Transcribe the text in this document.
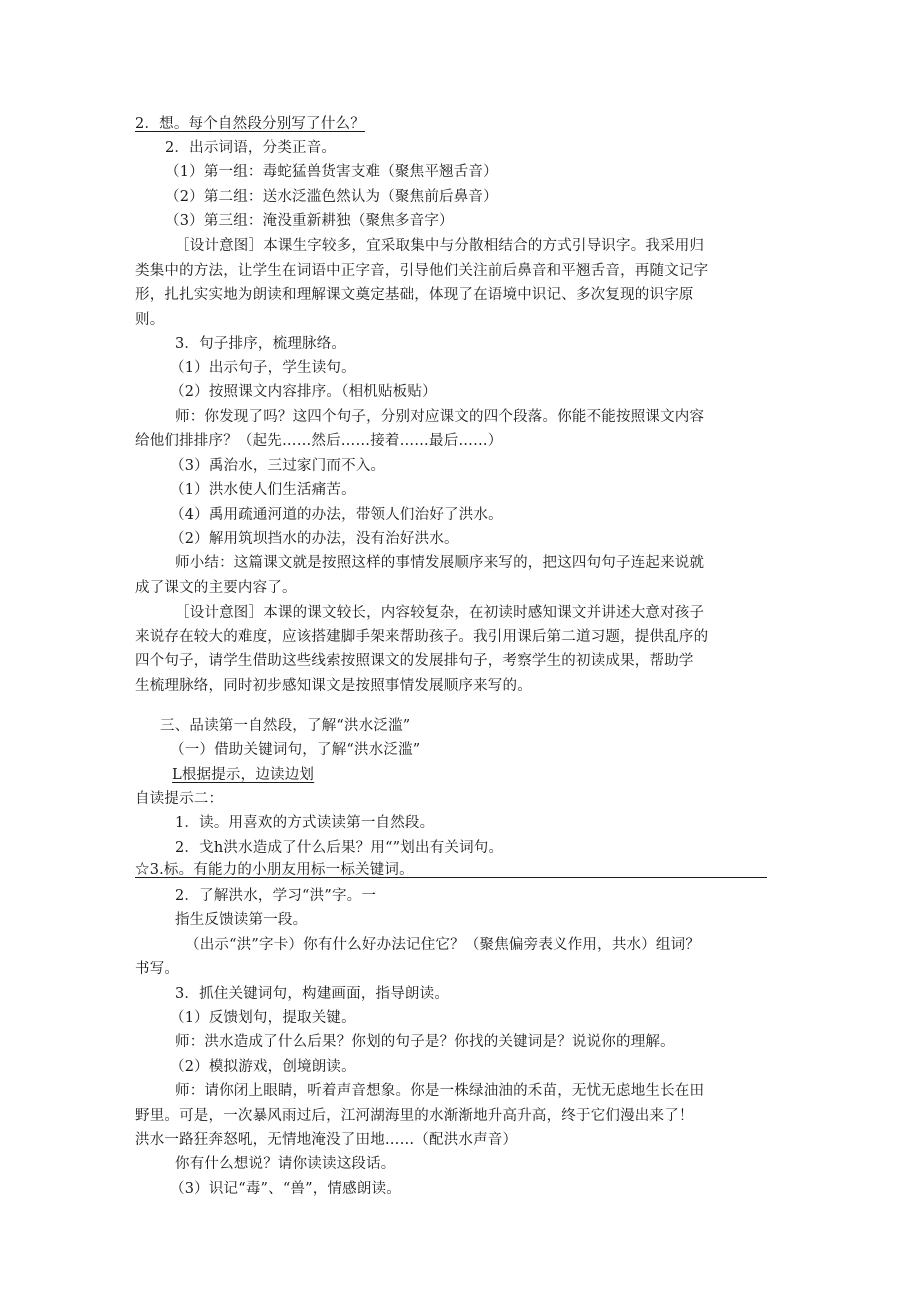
2．想。每个自然段分别写了什么？
2．出示词语，分类正音。
（1）第一组：毒蛇猛兽货害支难（聚焦平翘舌音）
（2）第二组：送水泛滥色然认为（聚焦前后鼻音）
（3）第三组：淹没重新耕独（聚焦多音字）
［设计意图］本课生字较多，宜采取集中与分散相结合的方式引导识字。我采用归
类集中的方法，让学生在词语中正字音，引导他们关注前后鼻音和平翘舌音，再随文记字
形，扎扎实实地为朗读和理解课文奠定基础，体现了在语境中识记、多次复现的识字原
则。
3．句子排序，梳理脉络。
（1）出示句子，学生读句。
（2）按照课文内容排序。（相机贴板贴）
师：你发现了吗？这四个句子，分别对应课文的四个段落。你能不能按照课文内容
给他们排排序？（起先……然后……接着……最后……）
（3）禹治水，三过家门而不入。
（1）洪水使人们生活痛苦。
（4）禹用疏通河道的办法，带领人们治好了洪水。
（2）解用筑坝挡水的办法，没有治好洪水。
师小结：这篇课文就是按照这样的事情发展顺序来写的，把这四句句子连起来说就
成了课文的主要内容了。
［设计意图］本课的课文较长，内容较复杂，在初读时感知课文并讲述大意对孩子
来说存在较大的难度，应该搭建脚手架来帮助孩子。我引用课后第二道习题，提供乱序的
四个句子，请学生借助这些线索按照课文的发展排句子，考察学生的初读成果，帮助学
生梳理脉络，同时初步感知课文是按照事情发展顺序来写的。
三、品读第一自然段，了解“洪水泛滥”
（一）借助关键词句，了解“洪水泛滥”
L根据提示，边读边划
自读提示二：
1．读。用喜欢的方式读读第一自然段。
2．戈h洪水造成了什么后果？用“”划出有关词句。
☆3.标。有能力的小朋友用标一标关键词。
2．了解洪水，学习“洪”字。一
指生反馈读第一段。
（出示“洪”字卡）你有什么好办法记住它？（聚焦偏旁表义作用，共水）组词？
书写。
3．抓住关键词句，构建画面，指导朗读。
（1）反馈划句，提取关键。
师：洪水造成了什么后果？你划的句子是？你找的关键词是？说说你的理解。
（2）模拟游戏，创境朗读。
师：请你闭上眼睛，听着声音想象。你是一株绿油油的禾苗，无忧无虑地生长在田
野里。可是，一次暴风雨过后，江河湖海里的水渐渐地升高升高，终于它们漫出来了！
洪水一路狂奔怒吼，无情地淹没了田地……（配洪水声音）
你有什么想说？请你读读这段话。
（3）识记“毒”、“兽”，情感朗读。
